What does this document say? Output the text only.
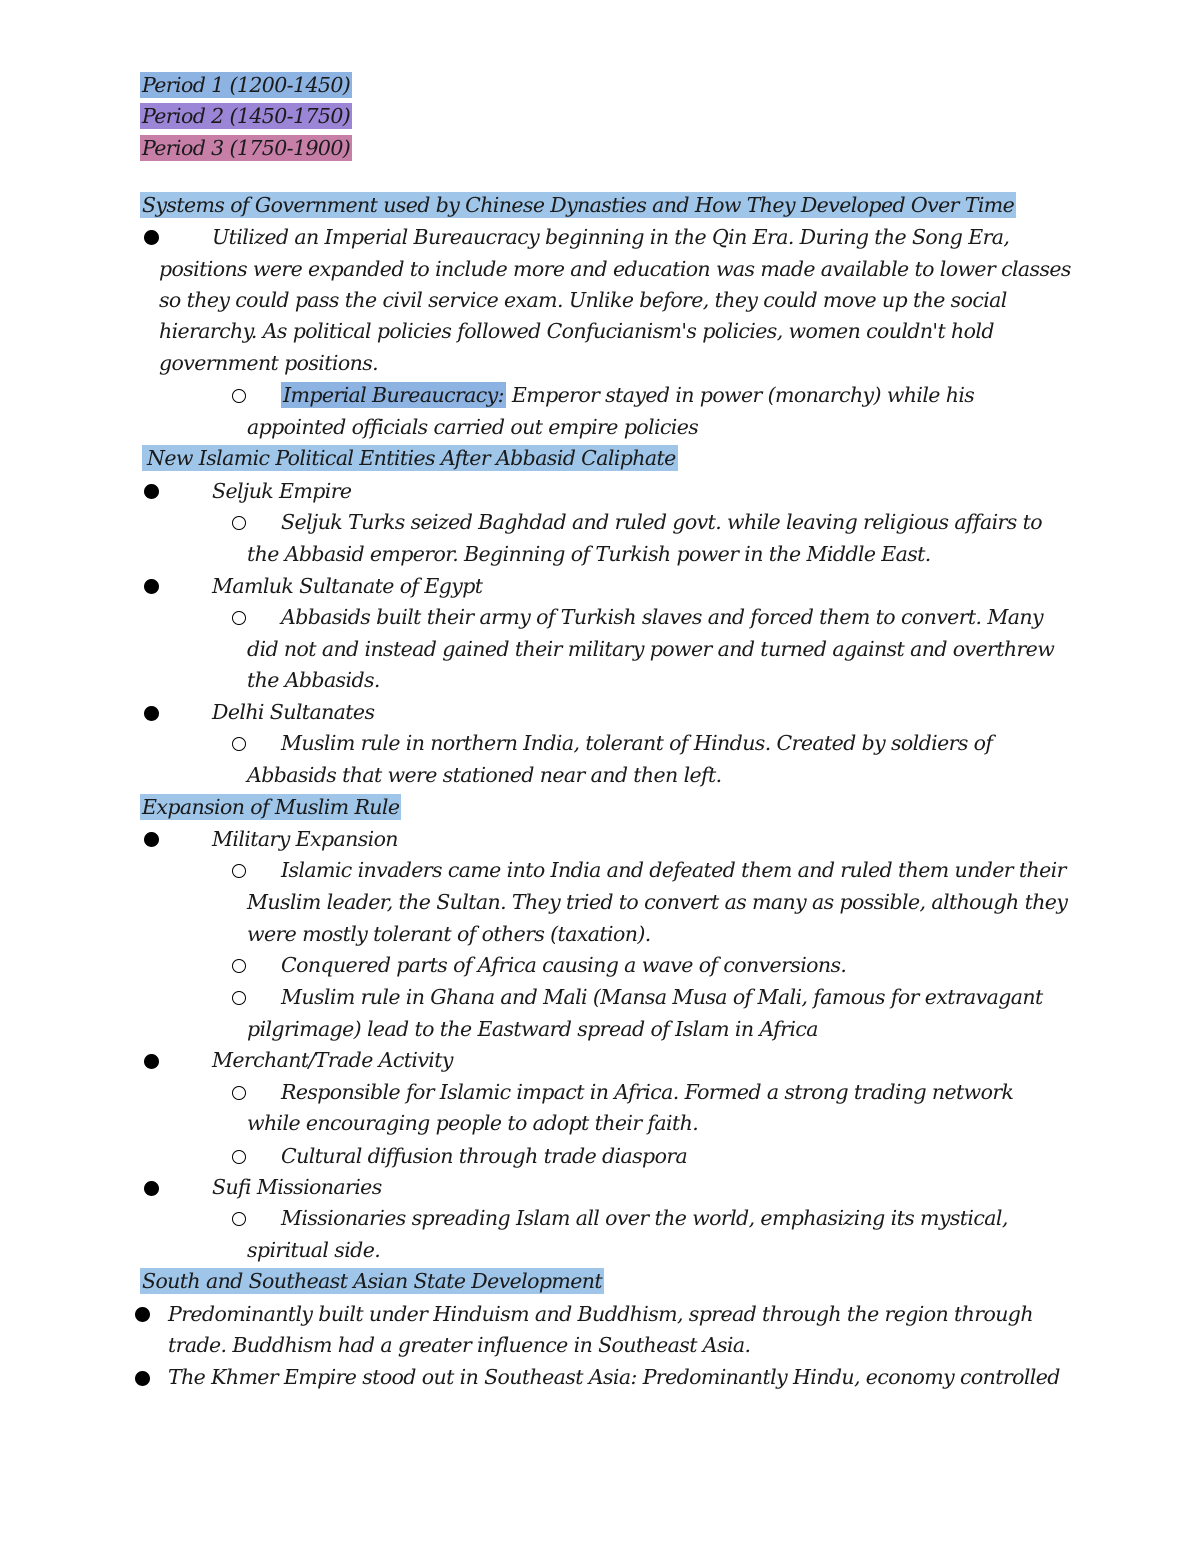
Period 1 (1200-1450)
Period 2 (1450-1750)
Period 3 (1750-1900)
Systems of Government used by Chinese Dynasties and How They Developed Over Time
Utilized an Imperial Bureaucracy beginning in the Qin Era. During the Song Era,
positions were expanded to include more and education was made available to lower classes
so they could pass the civil service exam. Unlike before, they could move up the social
hierarchy. As political policies followed Confucianism's policies, women couldn't hold
government positions.
Imperial Bureaucracy: Emperor stayed in power (monarchy) while his
appointed officials carried out empire policies
New Islamic Political Entities After Abbasid Caliphate
Seljuk Empire
Seljuk Turks seized Baghdad and ruled govt. while leaving religious affairs to
the Abbasid emperor. Beginning of Turkish power in the Middle East.
Mamluk Sultanate of Egypt
Abbasids built their army of Turkish slaves and forced them to convert. Many
did not and instead gained their military power and turned against and overthrew
the Abbasids.
Delhi Sultanates
Muslim rule in northern India, tolerant of Hindus. Created by soldiers of
Abbasids that were stationed near and then left.
Expansion of Muslim Rule
Military Expansion
Islamic invaders came into India and defeated them and ruled them under their
Muslim leader, the Sultan. They tried to convert as many as possible, although they
were mostly tolerant of others (taxation).
Conquered parts of Africa causing a wave of conversions.
Muslim rule in Ghana and Mali (Mansa Musa of Mali, famous for extravagant
pilgrimage) lead to the Eastward spread of Islam in Africa
Merchant/Trade Activity
Responsible for Islamic impact in Africa. Formed a strong trading network
while encouraging people to adopt their faith.
Cultural diffusion through trade diaspora
Sufi Missionaries
Missionaries spreading Islam all over the world, emphasizing its mystical,
spiritual side.
South and Southeast Asian State Development
Predominantly built under Hinduism and Buddhism, spread through the region through
trade. Buddhism had a greater influence in Southeast Asia.
The Khmer Empire stood out in Southeast Asia: Predominantly Hindu, economy controlled
